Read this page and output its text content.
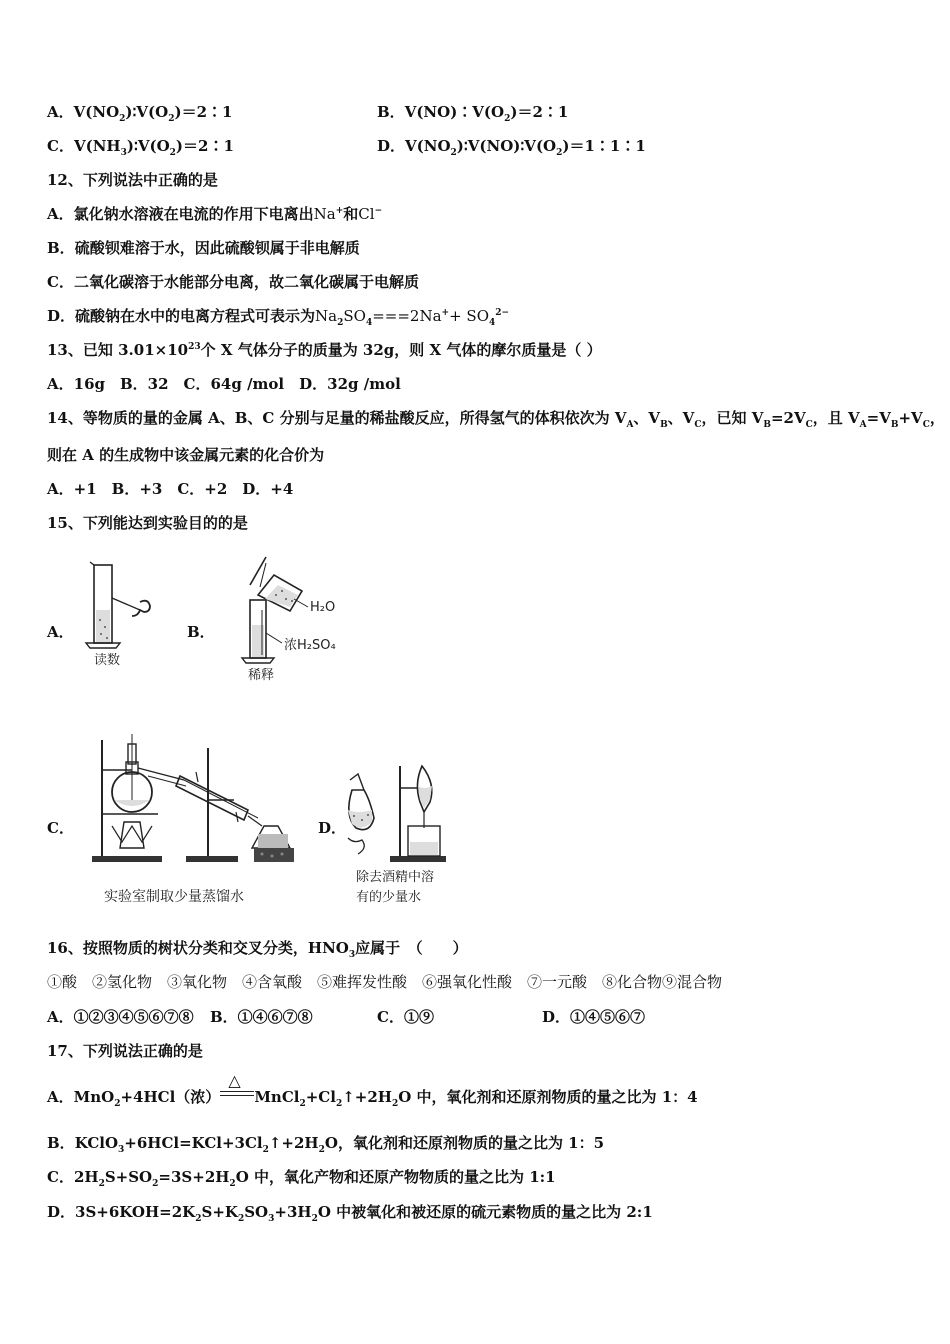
A．$V(NO_2)∶V(O_2)=2∶1$	B．$V(NO)∶V(O_2)=2∶1$
C．$V(NH_3)∶V(O_2)=2∶1$	D．$V(NO_2)∶V(NO)∶V(O_2)=1∶1∶1$
12、下列说法中正确的是
A．氯化钠水溶液在电流的作用下电离出Na+和Cl−
B．硫酸钡难溶于水，因此硫酸钡属于非电解质
C．二氧化碳溶于水能部分电离，故二氧化碳属于电解质
D．硫酸钠在水中的电离方程式可表示为$Na_2SO_4===2Na^++ SO_4^{2-}$
13、已知 $3.01\times 10^{23}$个 X 气体分子的质量为 32g，则 X 气体的摩尔质量是（ ）
A．16g　B．32　C．64g /mol　D．32g /mol
14、等物质的量的金属 A、B、C 分别与足量的稀盐酸反应，所得氢气的体积依次为 $V_A$、$V_B$、$V_C$，已知 $V_B=2V_C$，且 $V_A=V_B+V_C$，
则在 A 的生成物中该金属元素的化合价为
A．+1　B．+3　C．+2　D．+4
15、下列能达到实验目的的是
A．
读数
B．
H₂O
浓H₂SO₄
稀释
C．
实验室制取少量蒸馏水
D．
除去酒精中溶
有的少量水
16、按照物质的树状分类和交叉分类，$HNO_3$应属于　（　　）
①酸　②氢化物　③氧化物　④含氧酸　⑤难挥发性酸　⑥强氧化性酸　⑦一元酸　⑧化合物⑨混合物
A．①②③④⑤⑥⑦⑧ B．①④⑥⑦⑧	C．①⑨	D．①④⑤⑥⑦
17、下列说法正确的是
A．MnO$_2$+4HCl（浓）
△
$MnCl_2+Cl_2↑+2H_2O$ 中，氧化剂和还原剂物质的量之比为 1：4
B．$KClO_3+6HCl=KCl+3Cl_2↑+2H_2O$，氧化剂和还原剂物质的量之比为 1：5
C．$2H_2S+SO_2=3S+2H_2O$ 中，氧化产物和还原产物物质的量之比为 1:1
D．$3S+6KOH=2K_2S+K_2SO_3+3H_2O$ 中被氧化和被还原的硫元素物质的量之比为 2:1
